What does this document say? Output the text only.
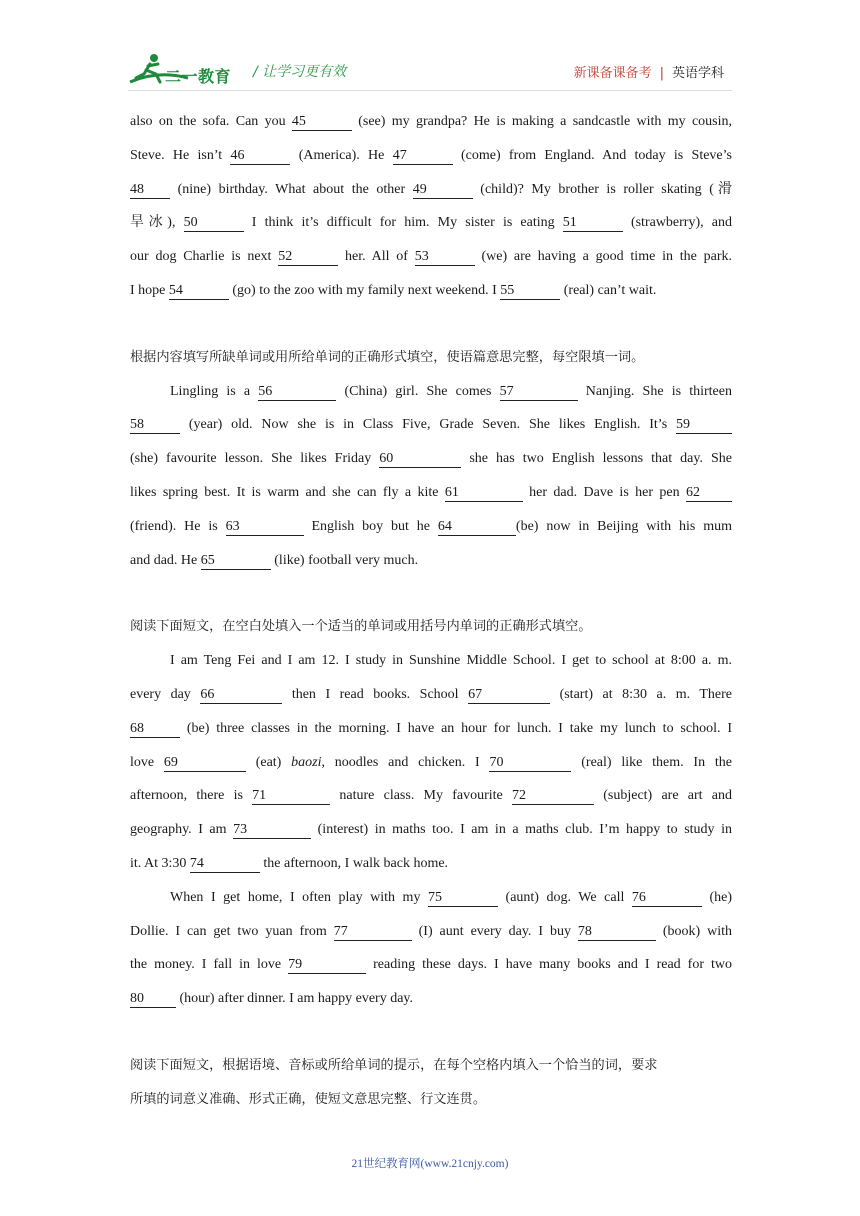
二一教育 / 让学习更有效	新课备课备考 | 英语学科

also on the sofa. Can you 45	(see) my grandpa? He is making a sandcastle with my cousin,

Steve. He isn’t 46	(America). He 47	(come) from England. And today is Steve’s

48 (nine) birthday. What about the other 49	(child)? My brother is roller skating (滑

旱冰), 50	I think it’s difficult for him. My sister is eating 51	(strawberry), and

our dog Charlie is next 52	her. All of 53	(we) are having a good time in the park.

I hope 54	(go) to the zoo with my family next weekend. I 55	(real) can’t wait.

根据内容填写所缺单词或用所给单词的正确形式填空，使语篇意思完整，每空限填一词。

Lingling is a 56	(China) girl. She comes 57	Nanjing. She is thirteen

58	(year) old. Now she is in Class Five, Grade Seven. She likes English. It’s 59

(she) favourite lesson. She likes Friday 60	she has two English lessons that day. She

likes spring best. It is warm and she can fly a kite 61	her dad. Dave is her pen 62

(friend). He is 63	English boy but he 64	(be) now in Beijing with his mum

and dad. He 65	(like) football very much.

阅读下面短文，在空白处填入一个适当的单词或用括号内单词的正确形式填空。

I am Teng Fei and I am 12. I study in Sunshine Middle School. I get to school at 8:00 a. m.

every day 66	then I read books. School 67	(start) at 8:30 a. m. There

68	(be) three classes in the morning. I have an hour for lunch. I take my lunch to school. I

love 69	(eat) baozi, noodles and chicken. I 70	(real) like them. In the

afternoon, there is 71	nature class. My favourite 72	(subject) are art and

geography. I am 73	(interest) in maths too. I am in a maths club. I’m happy to study in

it. At 3:30 74	the afternoon, I walk back home.

When I get home, I often play with my 75	(aunt) dog. We call 76	(he)

Dollie. I can get two yuan from 77	(I) aunt every day. I buy 78	(book) with

the money. I fall in love 79	reading these days. I have many books and I read for two

80 (hour) after dinner. I am happy every day.

阅读下面短文，根据语境、音标或所给单词的提示，在每个空格内填入一个恰当的词，要求

所填的词意义准确、形式正确，使短文意思完整、行文连贯。

21世纪教育网(www.21cnjy.com)
